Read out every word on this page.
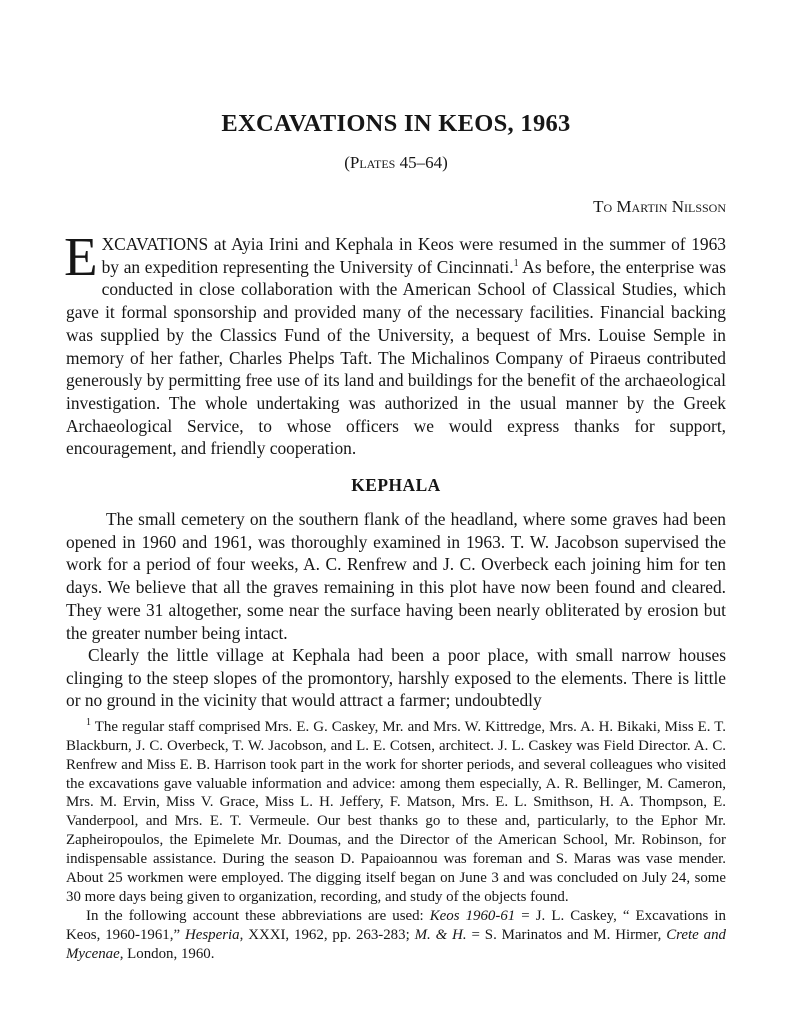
EXCAVATIONS IN KEOS, 1963

(Plates 45–64)

To Martin Nilsson

EXCAVATIONS at Ayia Irini and Kephala in Keos were resumed in the summer of 1963 by an expedition representing the University of Cincinnati.$^1$ As before, the enterprise was conducted in close collaboration with the American School of Classical Studies, which gave it formal sponsorship and provided many of the necessary facilities. Financial backing was supplied by the Classics Fund of the University, a bequest of Mrs. Louise Semple in memory of her father, Charles Phelps Taft. The Michalinos Company of Piraeus contributed generously by permitting free use of its land and buildings for the benefit of the archaeological investigation. The whole undertaking was authorized in the usual manner by the Greek Archaeological Service, to whose officers we would express thanks for support, encouragement, and friendly cooperation.

KEPHALA

The small cemetery on the southern flank of the headland, where some graves had been opened in 1960 and 1961, was thoroughly examined in 1963. T. W. Jacobson supervised the work for a period of four weeks, A. C. Renfrew and J. C. Overbeck each joining him for ten days. We believe that all the graves remaining in this plot have now been found and cleared. They were 31 altogether, some near the surface having been nearly obliterated by erosion but the greater number being intact.

Clearly the little village at Kephala had been a poor place, with small narrow houses clinging to the steep slopes of the promontory, harshly exposed to the elements. There is little or no ground in the vicinity that would attract a farmer; undoubtedly

$^1$ The regular staff comprised Mrs. E. G. Caskey, Mr. and Mrs. W. Kittredge, Mrs. A. H. Bikaki, Miss E. T. Blackburn, J. C. Overbeck, T. W. Jacobson, and L. E. Cotsen, architect. J. L. Caskey was Field Director. A. C. Renfrew and Miss E. B. Harrison took part in the work for shorter periods, and several colleagues who visited the excavations gave valuable information and advice: among them especially, A. R. Bellinger, M. Cameron, Mrs. M. Ervin, Miss V. Grace, Miss L. H. Jeffery, F. Matson, Mrs. E. L. Smithson, H. A. Thompson, E. Vanderpool, and Mrs. E. T. Vermeule. Our best thanks go to these and, particularly, to the Ephor Mr. Zapheiropoulos, the Epimelete Mr. Doumas, and the Director of the American School, Mr. Robinson, for indispensable assistance. During the season D. Papaioannou was foreman and S. Maras was vase mender. About 25 workmen were employed. The digging itself began on June 3 and was concluded on July 24, some 30 more days being given to organization, recording, and study of the objects found.

In the following account these abbreviations are used: Keos 1960-61 = J. L. Caskey, “ Excavations in Keos, 1960-1961,” Hesperia, XXXI, 1962, pp. 263-283; M. & H. = S. Marinatos and M. Hirmer, Crete and Mycenae, London, 1960.
